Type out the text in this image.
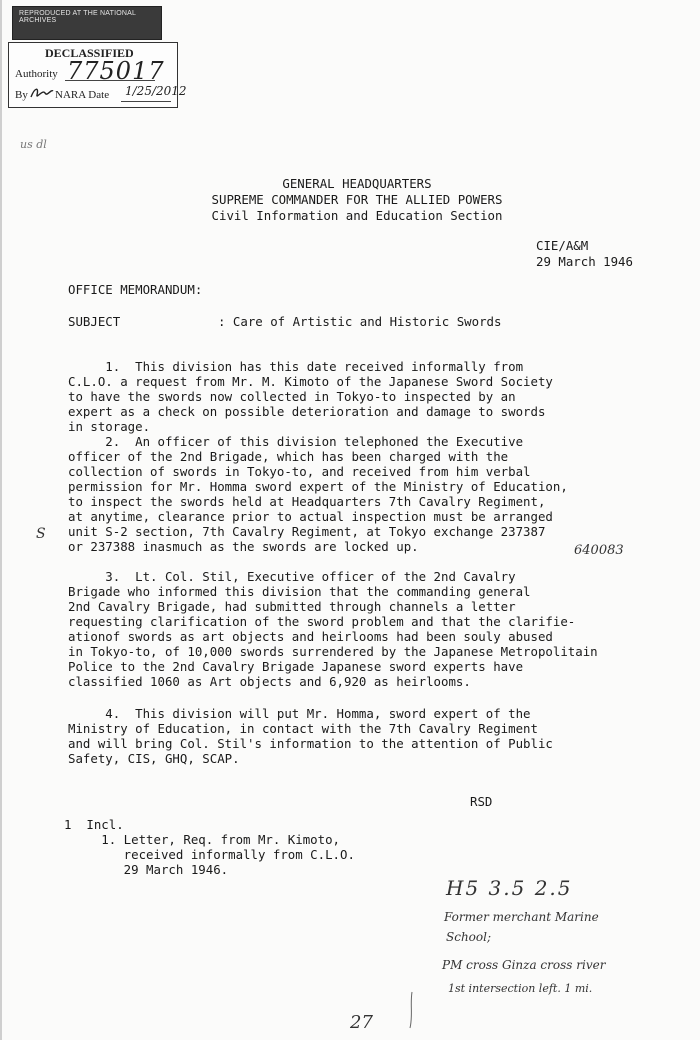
REPRODUCED AT THE NATIONAL ARCHIVES
DECLASSIFIED
Authority 775017
By NARA Date 1/25/2012
us dl
GENERAL HEADQUARTERS
SUPREME COMMANDER FOR THE ALLIED POWERS
Civil Information and Education Section
CIE/A&M
29 March 1946
OFFICE MEMORANDUM:
SUBJECT	: Care of Artistic and Historic Swords
1.  This division has this date received informally from
C.L.O. a request from Mr. M. Kimoto of the Japanese Sword Society
to have the swords now collected in Tokyo-to inspected by an
expert as a check on possible deterioration and damage to swords
in storage.
2.  An officer of this division telephoned the Executive
officer of the 2nd Brigade, which has been charged with the
collection of swords in Tokyo-to, and received from him verbal
permission for Mr. Homma sword expert of the Ministry of Education,
to inspect the swords held at Headquarters 7th Cavalry Regiment,
at anytime, clearance prior to actual inspection must be arranged
unit S-2 section, 7th Cavalry Regiment, at Tokyo exchange 237387
or 237388 inasmuch as the swords are locked up.
S
640083
3.  Lt. Col. Stil, Executive officer of the 2nd Cavalry
Brigade who informed this division that the commanding general
2nd Cavalry Brigade, had submitted through channels a letter
requesting clarification of the sword problem and that the clarifie-
ationof swords as art objects and heirlooms had been souly abused
in Tokyo-to, of 10,000 swords surrendered by the Japanese Metropolitain
Police to the 2nd Cavalry Brigade Japanese sword experts have
classified 1060 as Art objects and 6,920 as heirlooms.
4.  This division will put Mr. Homma, sword expert of the
Ministry of Education, in contact with the 7th Cavalry Regiment
and will bring Col. Stil's information to the attention of Public
Safety, CIS, GHQ, SCAP.
RSD
1  Incl.
1. Letter, Req. from Mr. Kimoto,
received informally from C.L.O.
29 March 1946.
H5 3.5 2.5
Former merchant Marine
School;
PM cross Ginza cross river
1st intersection left. 1 mi.
27
